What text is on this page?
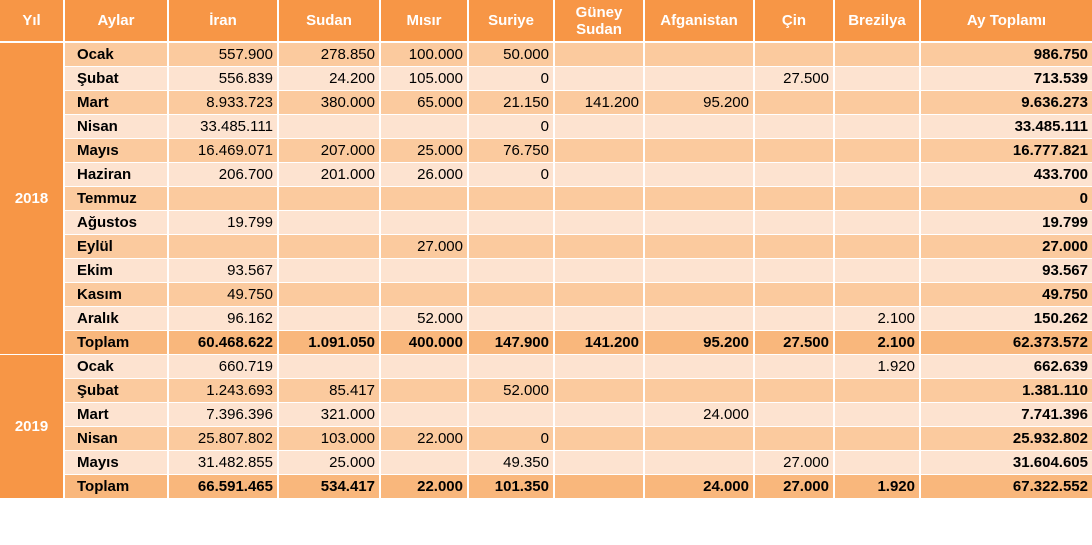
Yıl	Aylar	İran	Sudan	Mısır	Suriye	Güney Sudan	Afganistan	Çin	Brezilya	Ay Toplamı
2018	Ocak	557.900	278.850	100.000	50.000					986.750
	Şubat	556.839	24.200	105.000	0			27.500		713.539
	Mart	8.933.723	380.000	65.000	21.150	141.200	95.200			9.636.273
	Nisan	33.485.111			0					33.485.111
	Mayıs	16.469.071	207.000	25.000	76.750					16.777.821
	Haziran	206.700	201.000	26.000	0					433.700
	Temmuz									0
	Ağustos	19.799								19.799
	Eylül			27.000						27.000
	Ekim	93.567								93.567
	Kasım	49.750								49.750
	Aralık	96.162		52.000					2.100	150.262
	Toplam	60.468.622	1.091.050	400.000	147.900	141.200	95.200	27.500	2.100	62.373.572
2019	Ocak	660.719							1.920	662.639
	Şubat	1.243.693	85.417		52.000					1.381.110
	Mart	7.396.396	321.000				24.000			7.741.396
	Nisan	25.807.802	103.000	22.000	0					25.932.802
	Mayıs	31.482.855	25.000		49.350			27.000		31.604.605
	Toplam	66.591.465	534.417	22.000	101.350		24.000	27.000	1.920	67.322.552
